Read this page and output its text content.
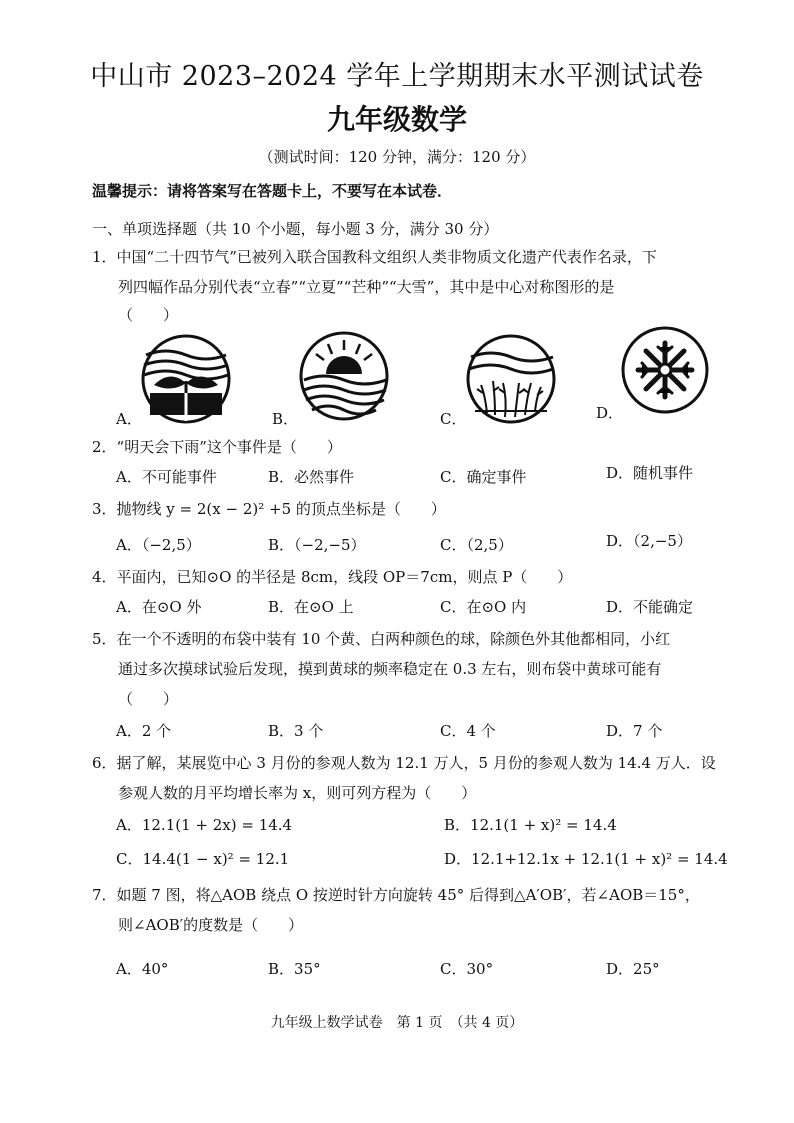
中山市 2023–2024 学年上学期期末水平测试试卷
九年级数学
（测试时间：120 分钟，满分：120 分）
温馨提示：请将答案写在答题卡上，不要写在本试卷．
一、单项选择题（共 10 个小题，每小题 3 分，满分 30 分）
1．中国“二十四节气”已被列入联合国教科文组织人类非物质文化遗产代表作名录，下
列四幅作品分别代表“立春”“立夏”“芒种”“大雪”，其中是中心对称图形的是
（　　）
A．	B．	C．	D．
2．“明天会下雨”这个事件是（　　）
A．不可能事件	B．必然事件	C．确定事件	D．随机事件
3．抛物线 y = 2(x − 2)² +5 的顶点坐标是（　　）
A．（−2,5）	B．（−2,−5）	C．（2,5）	D．（2,−5）
4．平面内，已知⊙O 的半径是 8cm，线段 OP＝7cm，则点 P（　　）
A．在⊙O 外	B．在⊙O 上	C．在⊙O 内	D．不能确定
5．在一个不透明的布袋中装有 10 个黄、白两种颜色的球，除颜色外其他都相同，小红
通过多次摸球试验后发现，摸到黄球的频率稳定在 0.3 左右，则布袋中黄球可能有
（　　）
A．2 个	B．3 个	C．4 个	D．7 个
6．据了解，某展览中心 3 月份的参观人数为 12.1 万人，5 月份的参观人数为 14.4 万人．设
参观人数的月平均增长率为 x，则可列方程为（　　）
A．12.1(1 + 2x) = 14.4	B．12.1(1 + x)² = 14.4
C．14.4(1 − x)² = 12.1	D．12.1+12.1x + 12.1(1 + x)² = 14.4
7．如题 7 图，将△AOB 绕点 O 按逆时针方向旋转 45° 后得到△A′OB′，若∠AOB＝15°，
则∠AOB′的度数是（　　）
A．40°	B．35°	C．30°	D．25°
九年级上数学试卷　第 1 页　（共 4 页）
